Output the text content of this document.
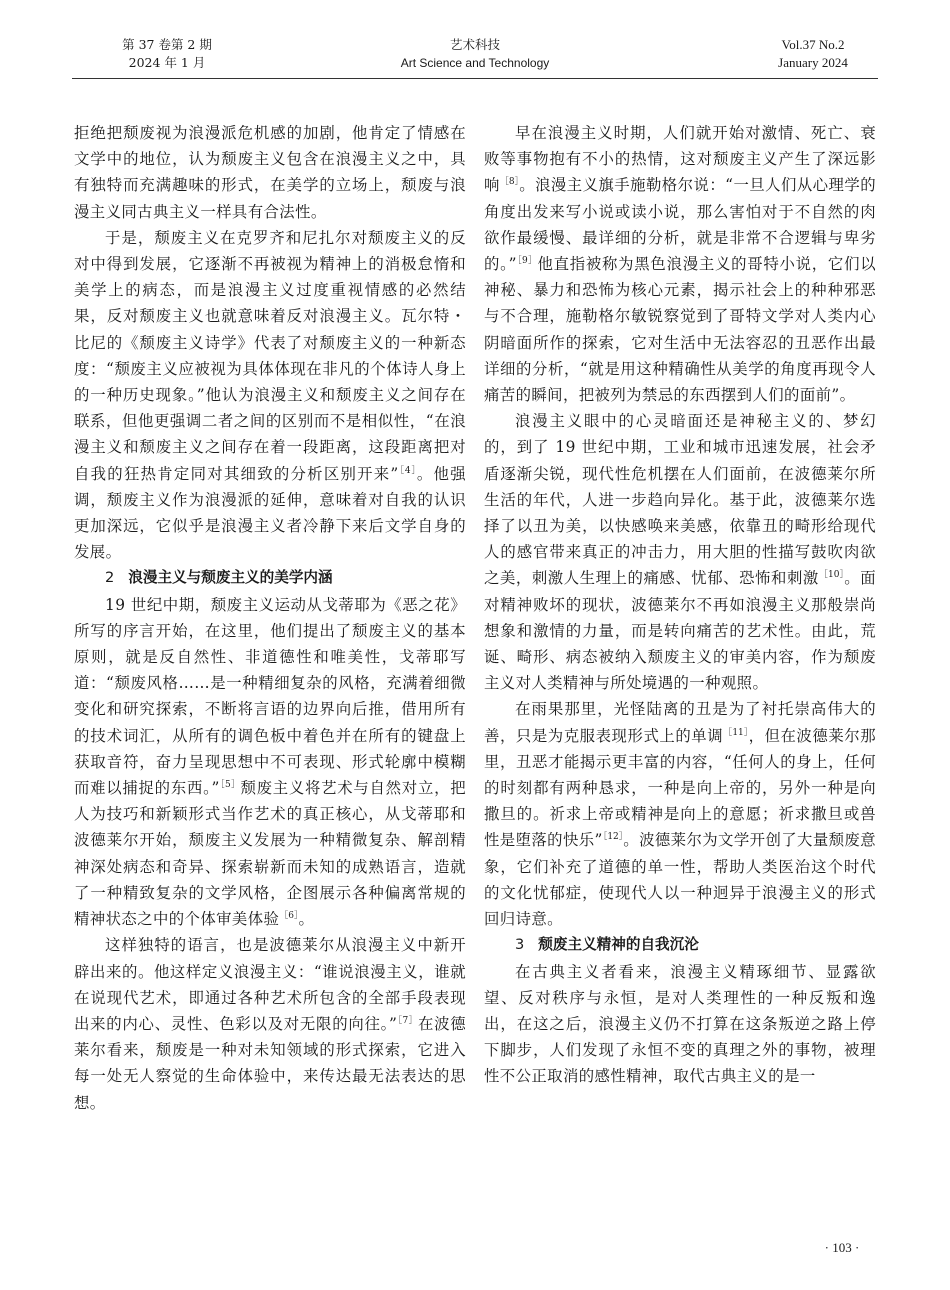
第 37 卷第 2 期
2024 年 1 月
艺术科技
Art Science and Technology
Vol.37 No.2
January 2024

拒绝把颓废视为浪漫派危机感的加剧，他肯定了情感在文学中的地位，认为颓废主义包含在浪漫主义之中，具有独特而充满趣味的形式，在美学的立场上，颓废与浪漫主义同古典主义一样具有合法性。

于是，颓废主义在克罗齐和尼扎尔对颓废主义的反对中得到发展，它逐渐不再被视为精神上的消极怠惰和美学上的病态，而是浪漫主义过度重视情感的必然结果，反对颓废主义也就意味着反对浪漫主义。瓦尔特・比尼的《颓废主义诗学》代表了对颓废主义的一种新态度：“颓废主义应被视为具体体现在非凡的个体诗人身上的一种历史现象。”他认为浪漫主义和颓废主义之间存在联系，但他更强调二者之间的区别而不是相似性，“在浪漫主义和颓废主义之间存在着一段距离，这段距离把对自我的狂热肯定同对其细致的分析区别开来”$^{[4]}$。他强调，颓废主义作为浪漫派的延伸，意味着对自我的认识更加深远，它似乎是浪漫主义者冷静下来后文学自身的发展。

2 浪漫主义与颓废主义的美学内涵

19 世纪中期，颓废主义运动从戈蒂耶为《恶之花》所写的序言开始，在这里，他们提出了颓废主义的基本原则，就是反自然性、非道德性和唯美性，戈蒂耶写道：“颓废风格……是一种精细复杂的风格，充满着细微变化和研究探索，不断将言语的边界向后推，借用所有的技术词汇，从所有的调色板中着色并在所有的键盘上获取音符，奋力呈现思想中不可表现、形式轮廓中模糊而难以捕捉的东西。”$^{[5]}$颓废主义将艺术与自然对立，把人为技巧和新颖形式当作艺术的真正核心，从戈蒂耶和波德莱尔开始，颓废主义发展为一种精微复杂、解剖精神深处病态和奇异、探索崭新而未知的成熟语言，造就了一种精致复杂的文学风格，企图展示各种偏离常规的精神状态之中的个体审美体验$^{[6]}$。

这样独特的语言，也是波德莱尔从浪漫主义中新开辟出来的。他这样定义浪漫主义：“谁说浪漫主义，谁就在说现代艺术，即通过各种艺术所包含的全部手段表现出来的内心、灵性、色彩以及对无限的向往。”$^{[7]}$在波德莱尔看来，颓废是一种对未知领域的形式探索，它进入每一处无人察觉的生命体验中，来传达最无法表达的思想。

早在浪漫主义时期，人们就开始对激情、死亡、衰败等事物抱有不小的热情，这对颓废主义产生了深远影响$^{[8]}$。浪漫主义旗手施勒格尔说：“一旦人们从心理学的角度出发来写小说或读小说，那么害怕对于不自然的肉欲作最缓慢、最详细的分析，就是非常不合逻辑与卑劣的。”$^{[9]}$他直指被称为黑色浪漫主义的哥特小说，它们以神秘、暴力和恐怖为核心元素，揭示社会上的种种邪恶与不合理，施勒格尔敏锐察觉到了哥特文学对人类内心阴暗面所作的探索，它对生活中无法容忍的丑恶作出最详细的分析，“就是用这种精确性从美学的角度再现令人痛苦的瞬间，把被列为禁忌的东西摆到人们的面前”。

浪漫主义眼中的心灵暗面还是神秘主义的、梦幻的，到了 19 世纪中期，工业和城市迅速发展，社会矛盾逐渐尖锐，现代性危机摆在人们面前，在波德莱尔所生活的年代，人进一步趋向异化。基于此，波德莱尔选择了以丑为美，以快感唤来美感，依靠丑的畸形给现代人的感官带来真正的冲击力，用大胆的性描写鼓吹肉欲之美，刺激人生理上的痛感、忧郁、恐怖和刺激$^{[10]}$。面对精神败坏的现状，波德莱尔不再如浪漫主义那般崇尚想象和激情的力量，而是转向痛苦的艺术性。由此，荒诞、畸形、病态被纳入颓废主义的审美内容，作为颓废主义对人类精神与所处境遇的一种观照。

在雨果那里，光怪陆离的丑是为了衬托崇高伟大的善，只是为克服表现形式上的单调$^{[11]}$，但在波德莱尔那里，丑恶才能揭示更丰富的内容，“任何人的身上，任何的时刻都有两种恳求，一种是向上帝的，另外一种是向撒旦的。祈求上帝或精神是向上的意愿；祈求撒旦或兽性是堕落的快乐”$^{[12]}$。波德莱尔为文学开创了大量颓废意象，它们补充了道德的单一性，帮助人类医治这个时代的文化忧郁症，使现代人以一种迥异于浪漫主义的形式回归诗意。

3 颓废主义精神的自我沉沦

在古典主义者看来，浪漫主义精琢细节、显露欲望、反对秩序与永恒，是对人类理性的一种反叛和逸出，在这之后，浪漫主义仍不打算在这条叛逆之路上停下脚步，人们发现了永恒不变的真理之外的事物，被理性不公正取消的感性精神，取代古典主义的是一

· 103 ·
